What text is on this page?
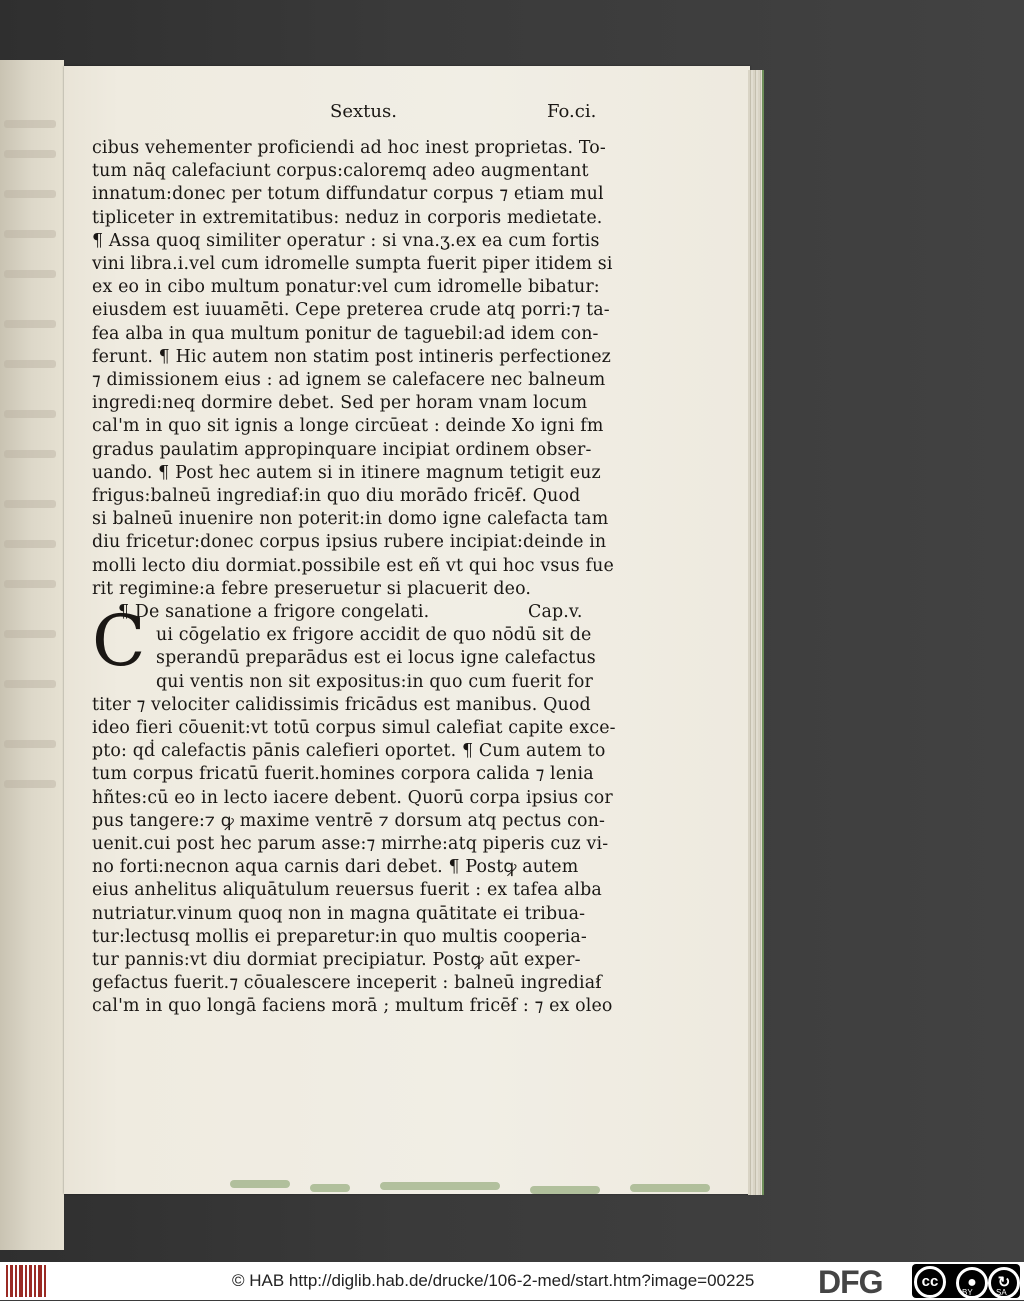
Sextus.	Fo.ci.
cibus vehementer proficiendi ad hoc inest proprietas. To-
tum nāq calefaciunt corpus:caloremq adeo augmentant
innatum:donec per totum diffundatur corpus ⁊ etiam mul
tipliceter in extremitatibus: neduz in corporis medietate.
¶ Assa quoq similiter operatur : si vna.ʒ.ex ea cum fortis
vini libra.i.vel cum idromelle sumpta fuerit piper itidem si
ex eo in cibo multum ponatur:vel cum idromelle bibatur:
eiusdem est iuuamēti. Cepe preterea crude atq porri:⁊ ta-
fea alba in qua multum ponitur de taguebil:ad idem con-
ferunt. ¶ Hic autem non statim post intineris perfectionez
⁊ dimissionem eius : ad ignem se calefacere nec balneum
ingredi:neq dormire debet. Sed per horam vnam locum
cal'm in quo sit ignis a longe circūeat : deinde Xo igni fm
gradus paulatim appropinquare incipiat ordinem obser-
uando. ¶ Post hec autem si in itinere magnum tetigit euz
frigus:balneū ingrediaẜ:in quo diu morādo fricēẜ. Quod
si balneū inuenire non poterit:in domo igne calefacta tam
diu fricetur:donec corpus ipsius rubere incipiat:deinde in
molli lecto diu dormiat.possibile est eñ vt qui hoc vsus fue
rit regimine:a febre preseruetur si placuerit deo.
¶ De sanatione a frigore congelati.	Cap.v.
ui cōgelatio ex frigore accidit de quo nōdū sit de
sperandū preparādus est ei locus igne calefactus
qui ventis non sit expositus:in quo cum fuerit for
titer ⁊ velociter calidissimis fricādus est manibus. Quod
ideo fieri cōuenit:vt totū corpus simul calefiat capite exce-
pto: qḋ calefactis pānis calefieri oportet. ¶ Cum autem to
tum corpus fricatū fuerit.homines corpora calida ⁊ lenia
hñtes:cū eo in lecto iacere debent. Quorū corpa ipsius cor
pus tangere:⁊ ꝙ maxime ventrē ⁊ dorsum atq pectus con-
uenit.cui post hec parum asse:⁊ mirrhe:atq piperis cuz vi-
no forti:necnon aqua carnis dari debet. ¶ Postꝙ autem
eius anhelitus aliquātulum reuersus fuerit : ex tafea alba
nutriatur.vinum quoq non in magna quātitate ei tribua-
tur:lectusq mollis ei preparetur:in quo multis cooperia-
tur pannis:vt diu dormiat precipiatur. Postꝙ aūt exper-
gefactus fuerit.⁊ cōualescere inceperit : balneū ingrediaẜ
cal'm in quo longā faciens morā ; multum fricēẜ : ⁊ ex oleo
C
© HAB http://diglib.hab.de/drucke/106-2-med/start.htm?image=00225 DFG	cc	●	↻
BY	SA
